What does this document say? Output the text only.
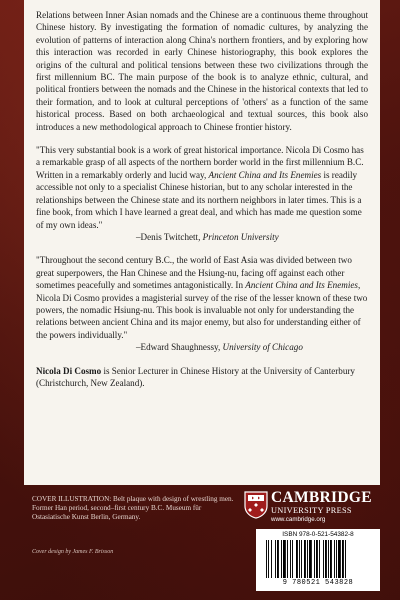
Relations between Inner Asian nomads and the Chinese are a continuous theme throughout Chinese history. By investigating the formation of nomadic cultures, by analyzing the evolution of patterns of interaction along China's northern frontiers, and by exploring how this interaction was recorded in early Chinese historiography, this book explores the origins of the cultural and political tensions between these two civilizations through the first millennium BC. The main purpose of the book is to analyze ethnic, cultural, and political frontiers between the nomads and the Chinese in the historical contexts that led to their formation, and to look at cultural perceptions of 'others' as a function of the same historical process. Based on both archaeological and textual sources, this book also introduces a new methodological approach to Chinese frontier history.

"This very substantial book is a work of great historical importance. Nicola Di Cosmo has a remarkable grasp of all aspects of the northern border world in the first millennium B.C. Written in a remarkably orderly and lucid way, Ancient China and Its Enemies is readily accessible not only to a specialist Chinese historian, but to any scholar interested in the relationships between the Chinese state and its northern neighbors in later times. This is a fine book, from which I have learned a great deal, and which has made me question some of my own ideas."

–Denis Twitchett, Princeton University

"Throughout the second century B.C., the world of East Asia was divided between two great superpowers, the Han Chinese and the Hsiung-nu, facing off against each other sometimes peacefully and sometimes antagonistically. In Ancient China and Its Enemies, Nicola Di Cosmo provides a magisterial survey of the rise of the lesser known of these two powers, the nomadic Hsiung-nu. This book is invaluable not only for understanding the relations between ancient China and its major enemy, but also for understanding either of the powers individually."

–Edward Shaughnessy, University of Chicago

Nicola Di Cosmo is Senior Lecturer in Chinese History at the University of Canterbury (Christchurch, New Zealand).

COVER ILLUSTRATION: Belt plaque with design of wrestling men. Former Han period, second–first century B.C. Museum für Ostasiatische Kunst Berlin, Germany.
Cover design by James F. Brisson
CAMBRIDGE
UNIVERSITY PRESS
www.cambridge.org
ISBN 978-0-521-54382-8
9 780521 543828
